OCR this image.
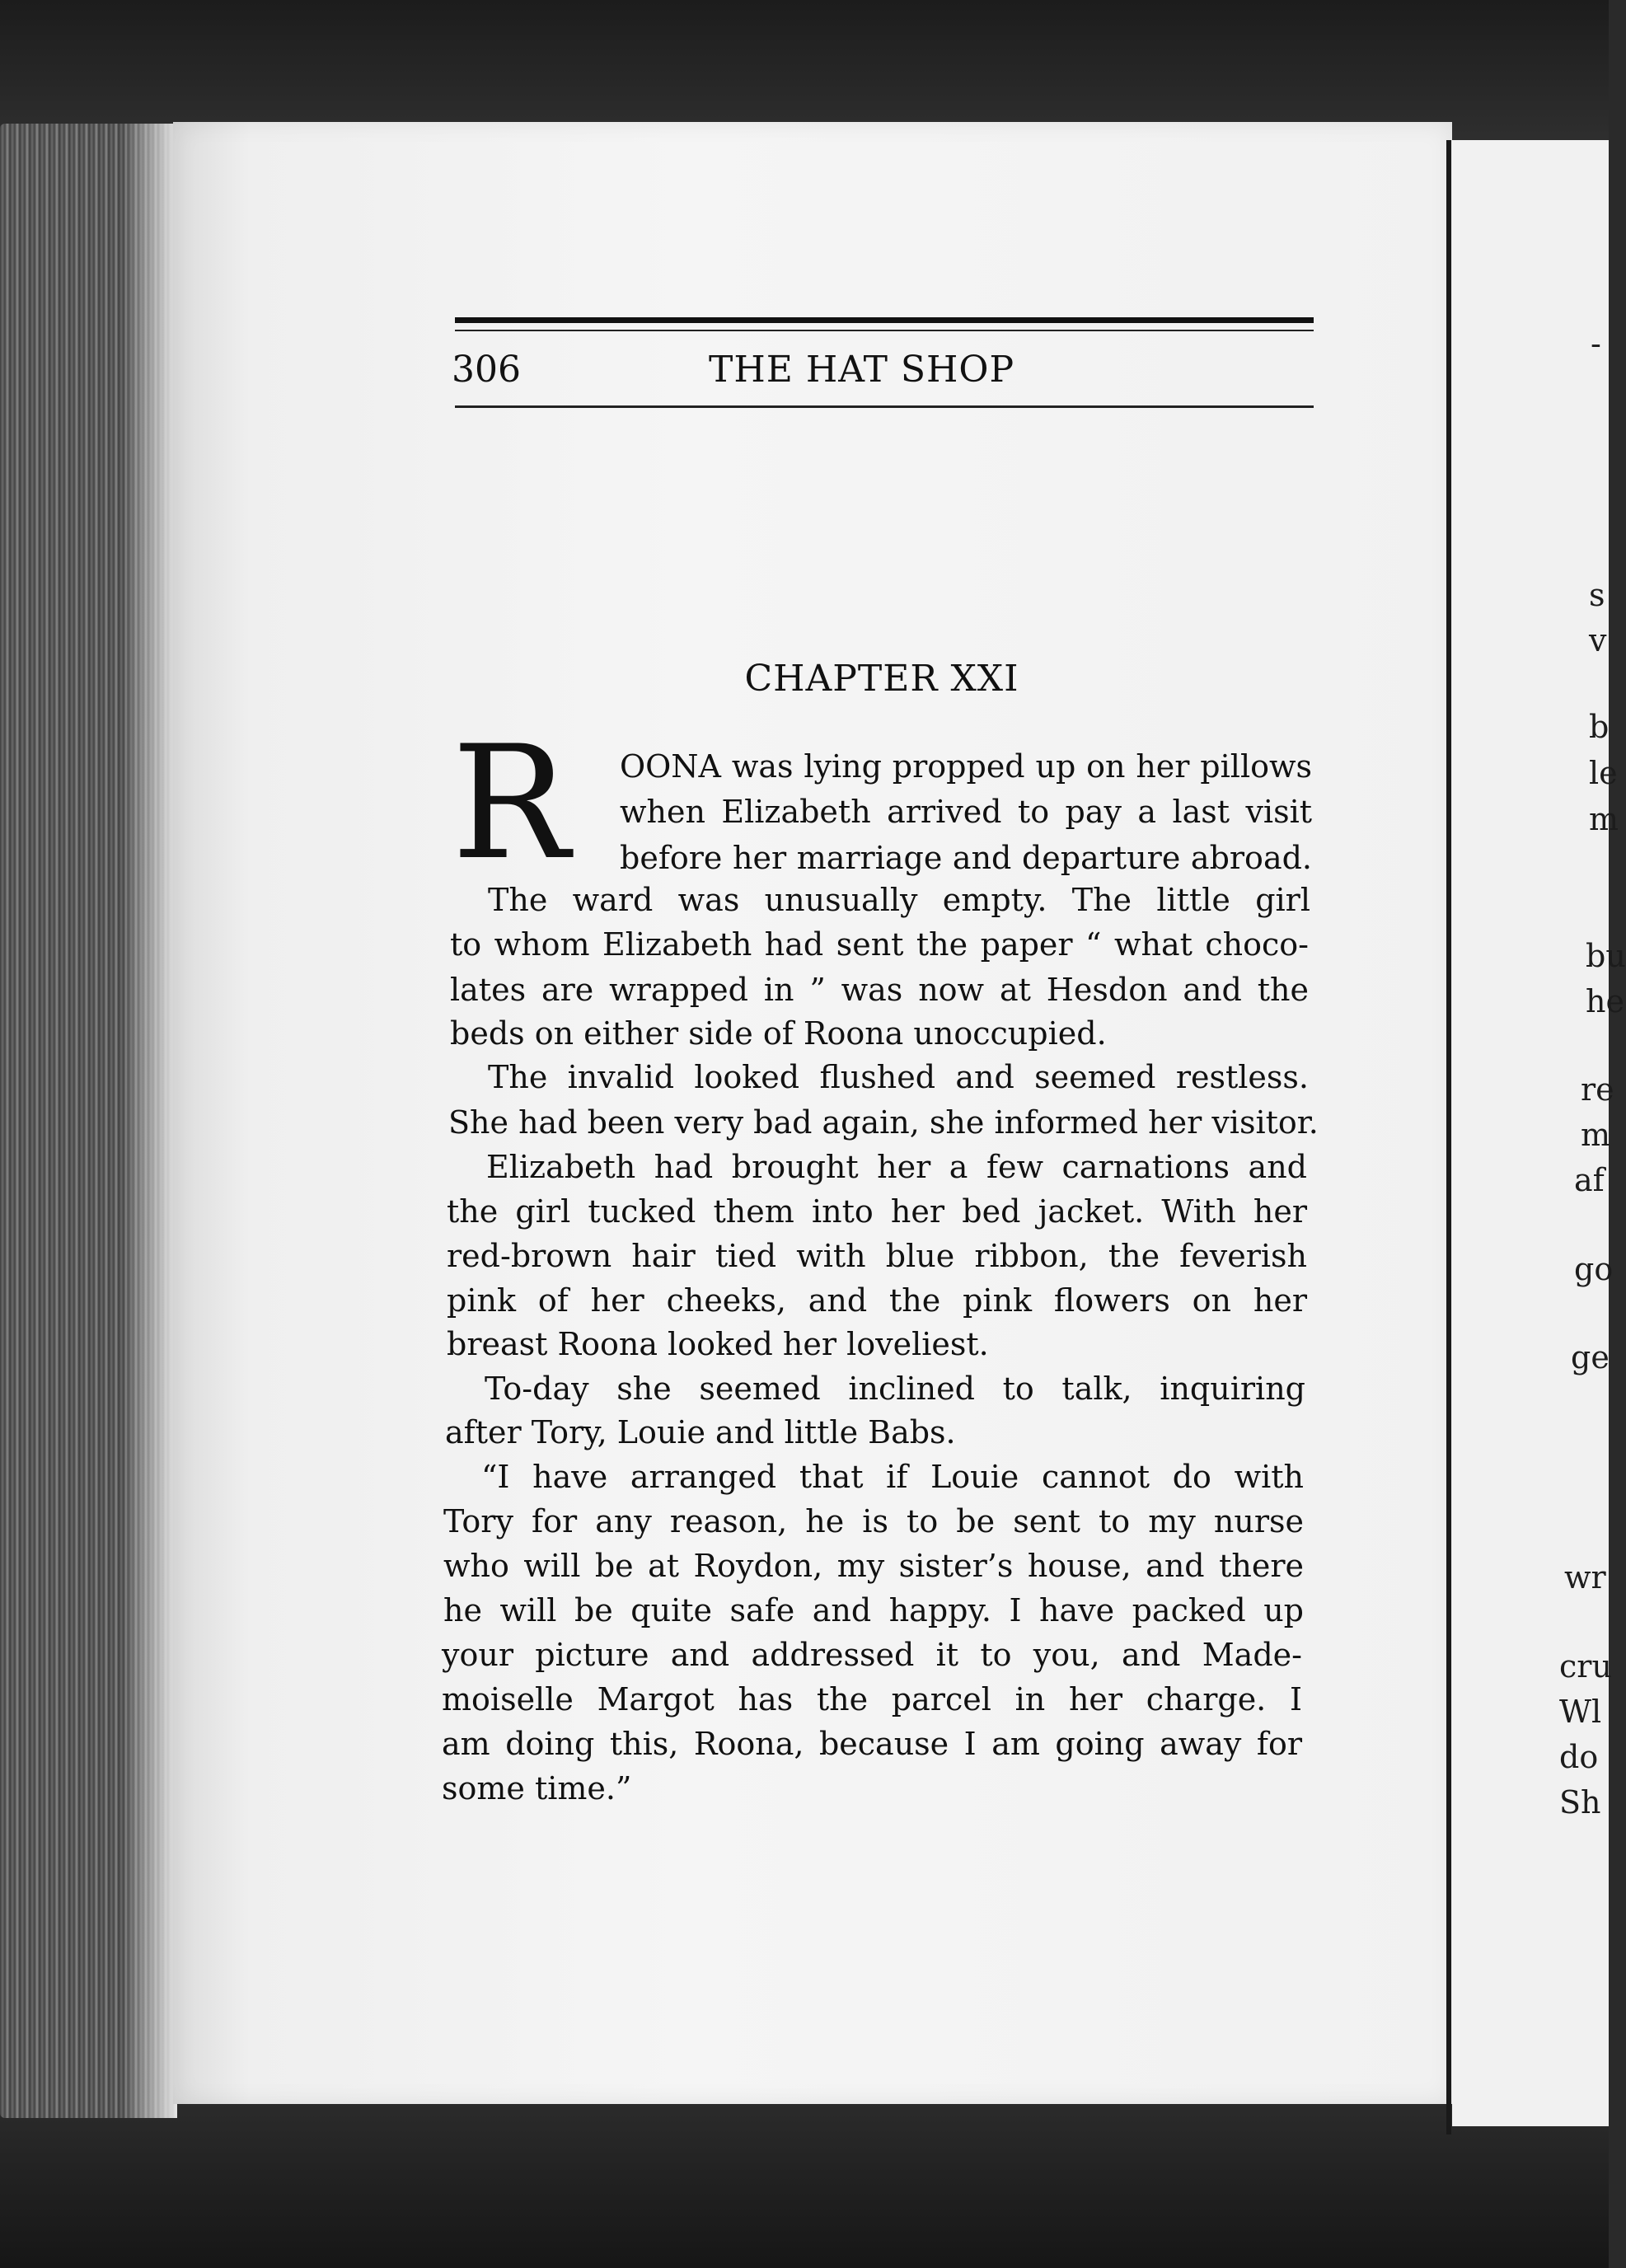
-
s
v
b
le
m
bu
he
re
m
af
go
ge
wr
cru
Wl
do
Sh
306	THE HAT SHOP
CHAPTER XXI
R OONA was lying propped up on her pillows
when Elizabeth arrived to pay a last visit
before her marriage and departure abroad.
The ward was unusually empty. The little girl
to whom Elizabeth had sent the paper “ what choco-
lates are wrapped in ” was now at Hesdon and the
beds on either side of Roona unoccupied.
The invalid looked flushed and seemed restless.
She had been very bad again, she informed her visitor.
Elizabeth had brought her a few carnations and
the girl tucked them into her bed jacket. With her
red-brown hair tied with blue ribbon, the feverish
pink of her cheeks, and the pink flowers on her
breast Roona looked her loveliest.
To-day she seemed inclined to talk, inquiring
after Tory, Louie and little Babs.
“I have arranged that if Louie cannot do with
Tory for any reason, he is to be sent to my nurse
who will be at Roydon, my sister’s house, and there
he will be quite safe and happy. I have packed up
your picture and addressed it to you, and Made-
moiselle Margot has the parcel in her charge. I
am doing this, Roona, because I am going away for
some time.”
